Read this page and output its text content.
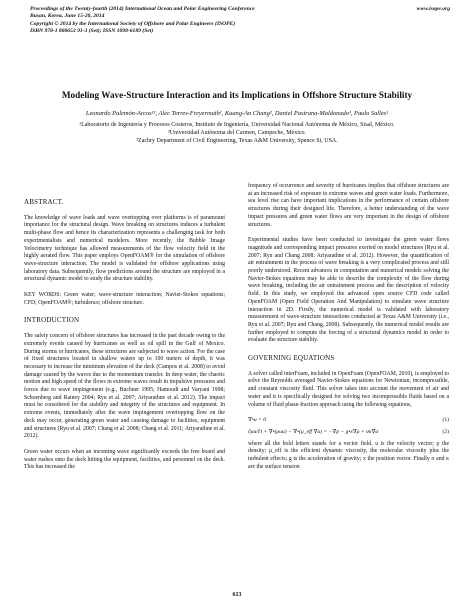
Proceedings of the Twenty-fourth (2014) International Ocean and Polar Engineering Conference
Busan, Korea, June 15-20, 2014
Copyright © 2014 by the International Society of Offshore and Polar Engineers (ISOPE)
ISBN 978-1 880653 91-3 (Set); ISSN 1098-6189 (Set)
www.isope.org
Modeling Wave-Structure Interaction and its Implications in Offshore Structure Stability
Leonardo Palemón-Arcos¹², Alec Torres-Freyermuth¹, Kuang-An Chang², Daniel Pastrana-Maldonado³, Paulo Salles¹
¹Laboratorio de Ingeniería y Procesos Costeros, Instituto de Ingeniería, Universidad Nacional Autónoma de México, Sisal, México.
³Universidad Autónoma del Carmen, Campeche, México.
²Zachry Department of Civil Engineering, Texas A&M University, Spence St, USA.
ABSTRACT.

The knowledge of wave loads and wave overtopping over platforms is of paramount importance for the structural design. Wave breaking on structures induces a turbulent multi-phase flow and hence its characterization represents a challenging task for both experimentalists and numerical modelers. More recently, the Bubble Image Velocimetry technique has allowed measurements of the flow velocity field in the highly aerated flow. This paper employs OpenFOAM® for the simulation of offshore wave-structure interaction. The model is validated for offshore applications using laboratory data. Subsequently, flow predictions around the structure are employed in a structural dynamic model to study the structure stability.

KEY WORDS: Green water; wave-structure interaction; Navier-Stokes equations; CFD; OpenFOAM®; turbulence; offshore structure.

INTRODUCTION

The safety concern of offshore structures has increased in the past decade owing to the extremely events caused by hurricanes as well as oil spill in the Gulf of Mexico. During storms or hurricanes, these structures are subjected to wave action. For the case of fixed structures located in shallow waters up to 100 meters of depth, it was necessary to increase the minimum elevation of the deck (Campos et al. 2008) to avoid damage caused by the waves due to the momentum transfer. In deep water, the chaotic motion and high speed of the flows in extreme waves result in impulsive pressures and forces due to wave impingement (e.g., Buchner 1995; Hamoudi and Varyani 1998; Schoenberg and Rainey 2004; Ryu et al. 2007; Ariyarathne et al. 2012). The impact must be considered for the stability and integrity of the structures and equipment. In extreme events, immediately after the wave impingement overtopping flow on the deck may occur, generating green water and causing damage to facilities, equipment and structures (Ryu et al. 2007; Chang et al. 2008; Chang et al. 2011; Ariyarathne et al. 2012).

Green water occurs when an incoming wave significantly exceeds the free board and water rushes onto the deck hitting the equipment, facilities, and personnel on the deck. This has increased the

frequency of occurrence and severity of hurricanes implies that offshore structures are at an increased risk of exposure to extreme waves and green water loads. Furthermore, sea level rise can have important implications in the performance of certain offshore structures during their designed life. Therefore, a better understanding of the wave impact pressures and green water flows are very important in the design of offshore structures.

Experimental studies have been conducted to investigate the green water flows magnitude and corresponding impact pressures exerted on model structures (Ryu et al. 2007; Ryu and Chang 2008; Ariyarathne et al. 2012). However, the quantification of air entrainment in the process of wave breaking is a very complicated process and still poorly understood. Recent advances in computation and numerical models solving the Navier-Stokes equations may be able to describe the complexity of the flow during wave breaking, including the air entrainment process and the description of velocity field. In this study, we employed the advanced open source CFD code called OpenFOAM (Open Field Operation And Manipulation) to simulate wave structure interaction in 2D. Firstly, the numerical model is validated with laboratory measurement of wave-structure interactions conducted at Texas A&M University (i.e., Ryu et al. 2007; Ryu and Chang, 2008). Subsequently, the numerical model results are further employed to compute the forcing of a structural dynamics model in order to evaluate the structure stability.

GOVERNING EQUATIONS

A solver called interFoam, included in OpenFoam (OpenFOAM, 2010), is employed to solve the Reynolds averaged Navier-Stokes equations for Newtonian, incompressible, and constant viscosity fluid. This solver takes into account the movement of air and water and it is specifically designed for solving two incompressible fluids based on a volume of fluid phase-fraction approach using the following equations,

∇•u = 0	(1)
∂ρu/∂t + ∇•(ρuu) − ∇•(μ_eff ∇u) = −∇p − g•x∇ρ + σκ∇α	(2)

where all the bold letters stands for a vector field. u is the velocity vector; ρ the density; μ_eff is the efficient dynamic viscosity, the molecular viscosity plus the turbulent effects; g is the acceleration of gravity; x the position vector. Finally σ and κ are the surface tension

613
